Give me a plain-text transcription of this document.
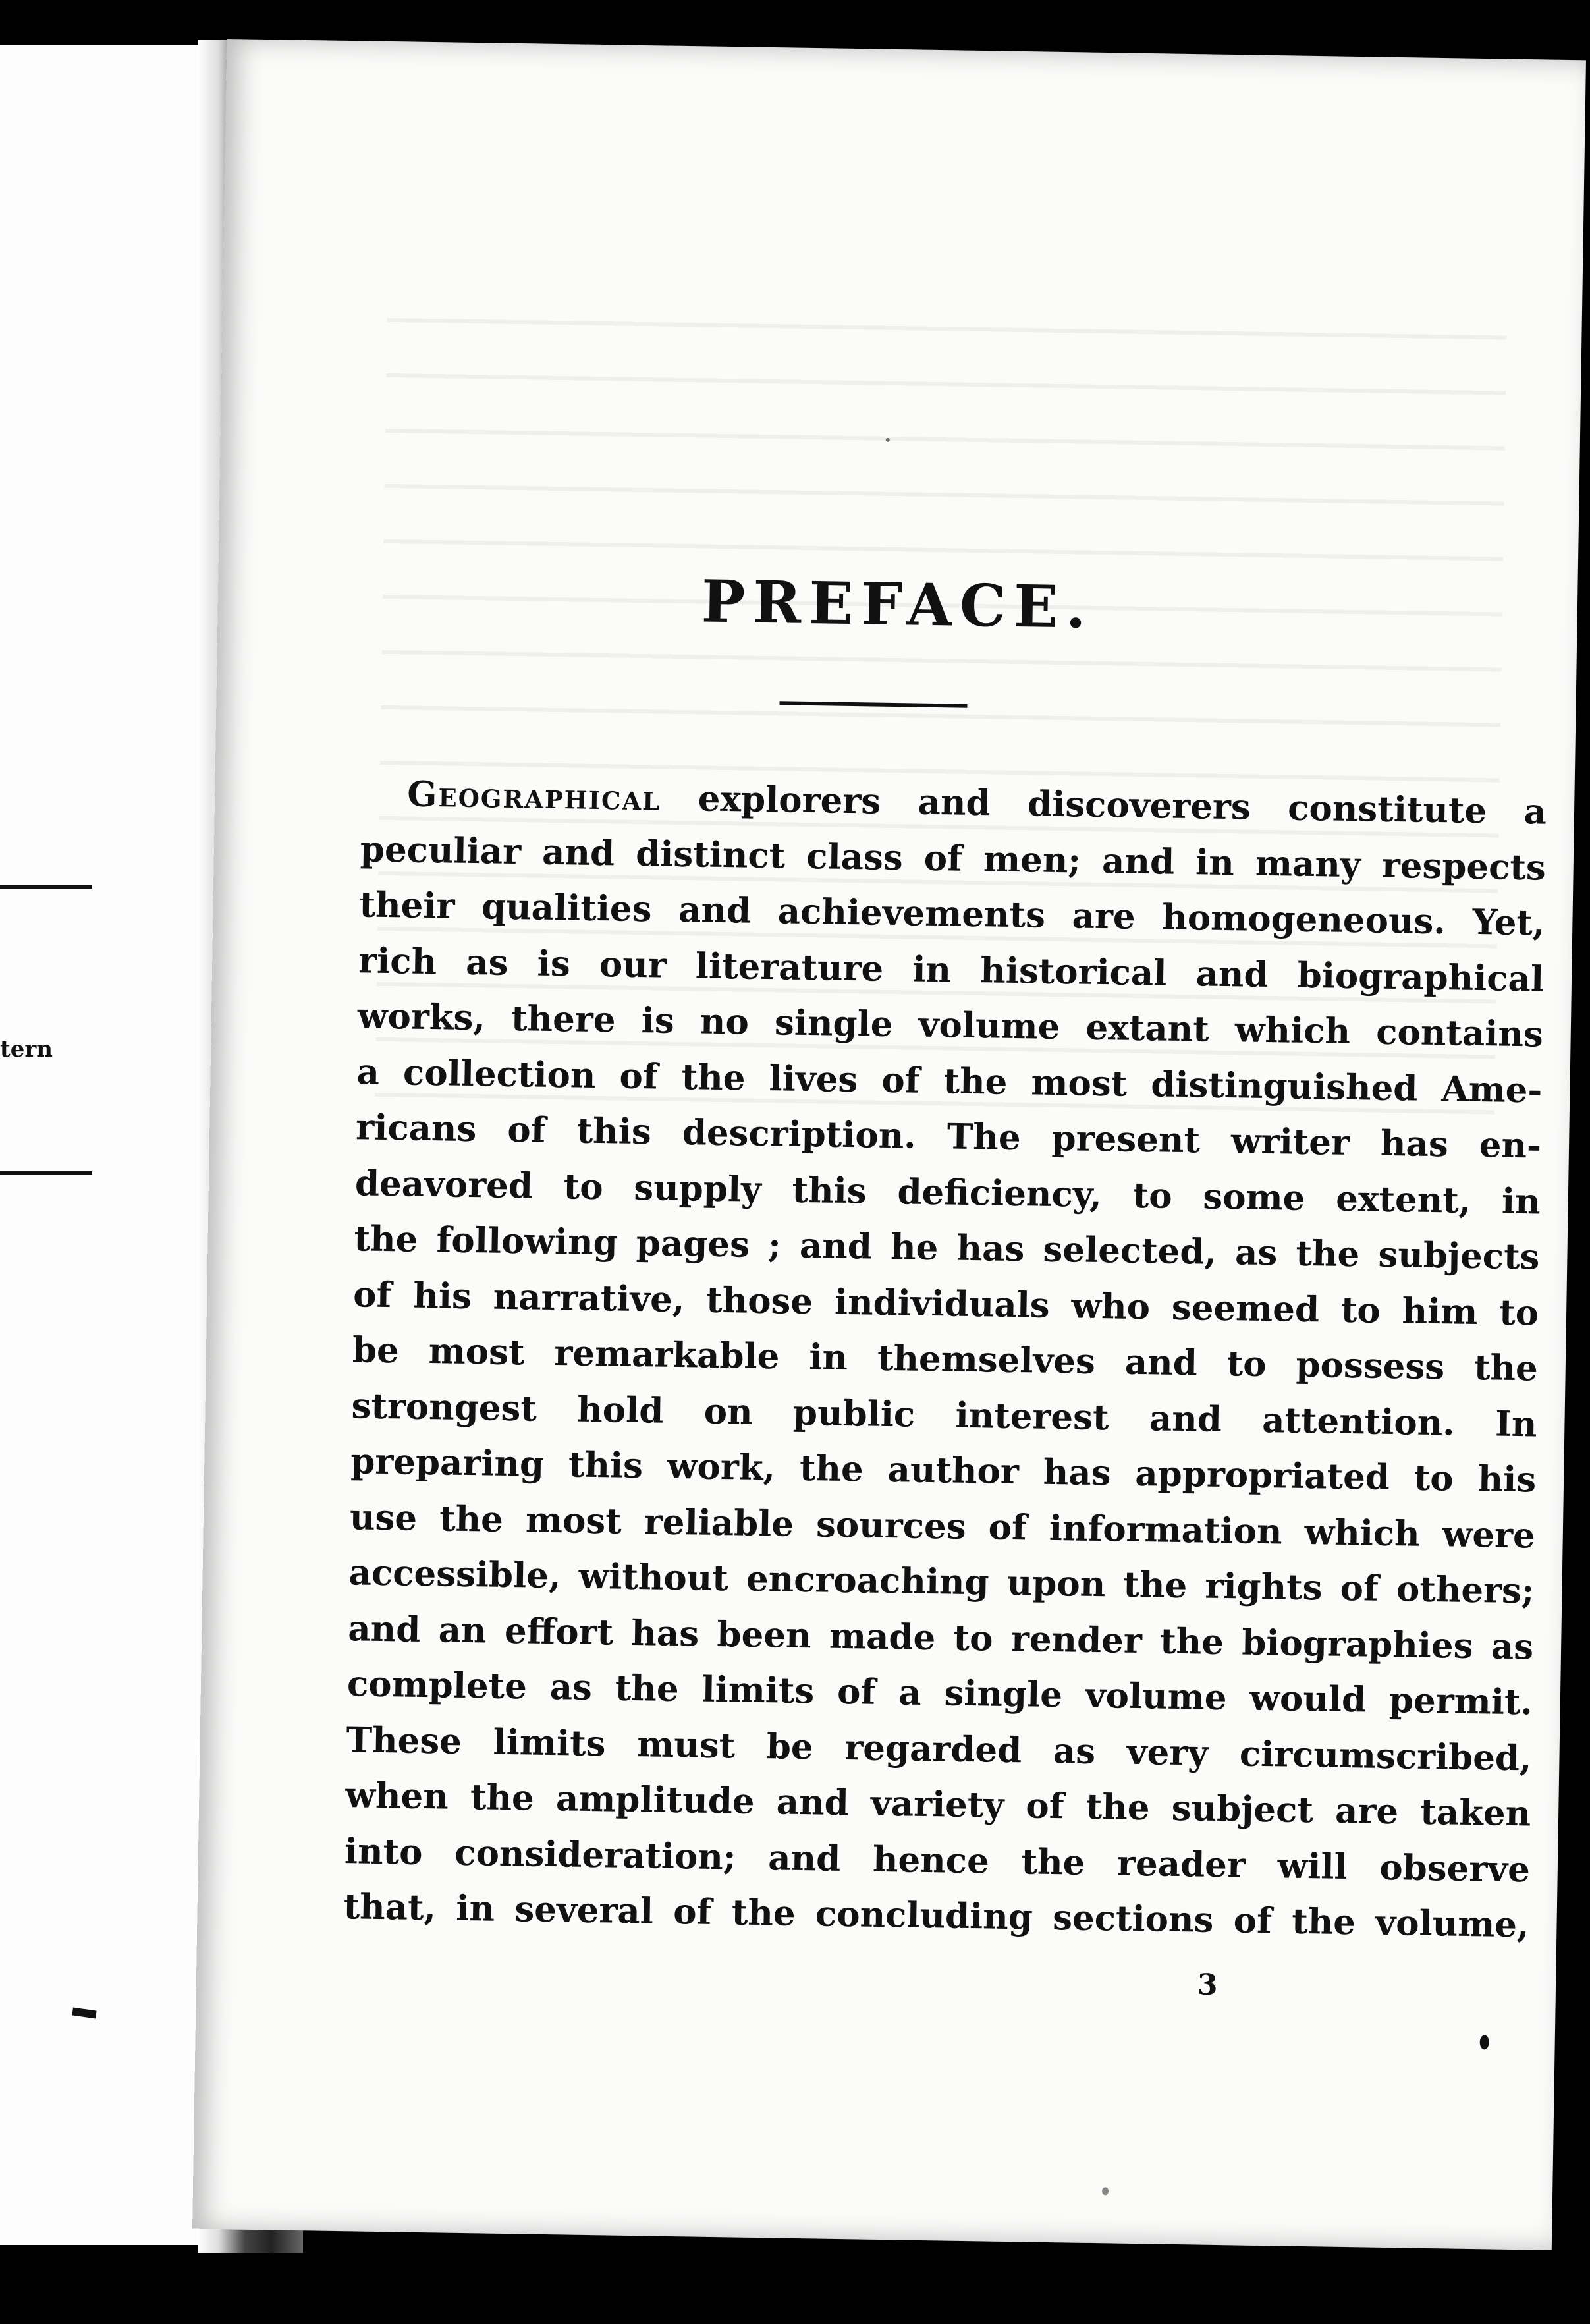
tern
PREFACE.
Geographical explorers and discoverers constitute a
peculiar and distinct class of men; and in many respects
their qualities and achievements are homogeneous. Yet,
rich as is our literature in historical and biographical
works, there is no single volume extant which contains
a collection of the lives of the most distinguished Ame-
ricans of this description. The present writer has en-
deavored to supply this deficiency, to some extent, in
the following pages ; and he has selected, as the subjects
of his narrative, those individuals who seemed to him to
be most remarkable in themselves and to possess the
strongest hold on public interest and attention. In
preparing this work, the author has appropriated to his
use the most reliable sources of information which were
accessible, without encroaching upon the rights of others;
and an effort has been made to render the biographies as
complete as the limits of a single volume would permit.
These limits must be regarded as very circumscribed,
when the amplitude and variety of the subject are taken
into consideration; and hence the reader will observe
that, in several of the concluding sections of the volume,
3
